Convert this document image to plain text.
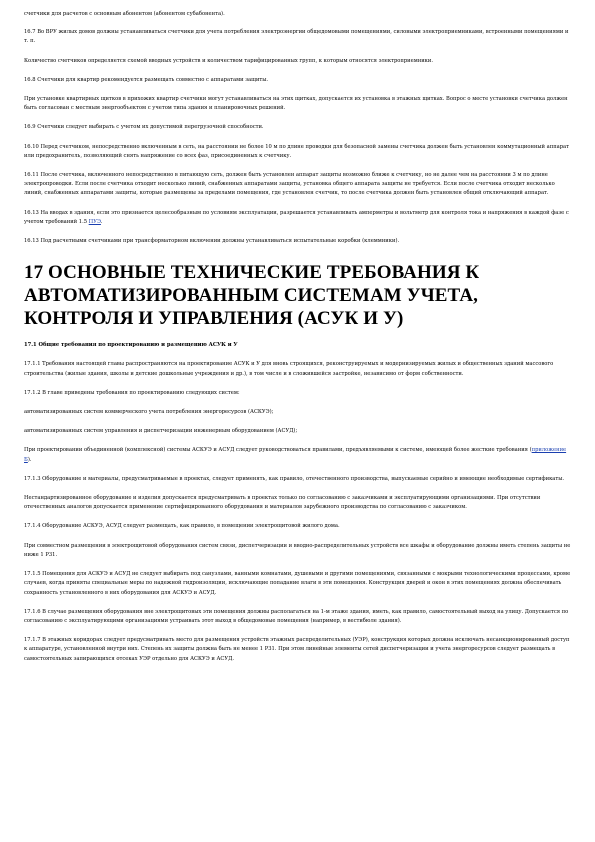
счетчики для расчетов с основным абонентом (абонентом субабонента).

16.7 Во ВРУ жилых домов должны устанавливаться счетчики для учета потребления электроэнергии общедомовыми помещениями, силовыми электроприемниками, встроенными помещениями и т. п.

Количество счетчиков определяется схемой вводных устройств и количеством тарифицированных групп, к которым относятся электроприемники.

16.8 Счетчики для квартир рекомендуется размещать совместно с аппаратами защиты.

При установке квартирных щитков в прихожих квартир счетчики могут устанавливаться на этих щитках, допускается их установка в этажных щитках. Вопрос о месте установки счетчика должен быть согласован с местным энергообъектом с учетом типа здания и планировочных решений.

16.9 Счетчики следует выбирать с учетом их допустимой перегрузочной способности.

16.10 Перед счетчиком, непосредственно включенным в сеть, на расстоянии не более 10 м по длине проводки для безопасной замены счетчика должен быть установлен коммутационный аппарат или предохранитель, позволяющий снять напряжение со всех фаз, присоединенных к счетчику.

16.11 После счетчика, включенного непосредственно в питающую сеть, должен быть установлен аппарат защиты возможно ближе к счетчику, но не далее чем на расстоянии 3 м по длине электропроводки. Если после счетчика отходит несколько линий, снабженных аппаратами защиты, установка общего аппарата защиты не требуется. Если после счетчика отходит несколько линий, снабженных аппаратами защиты, которые размещены за пределами помещения, где установлен счетчик, то после счетчика должен быть установлен общий отключающий аппарат.

16.13 На вводах в здания, если это признается целесообразным по условиям эксплуатации, разрешается устанавливать амперметры и вольтметр для контроля тока и напряжения в каждой фазе с учетом требований 1.5 ПУЭ.

16.13 Под расчетными счетчиками при трансформаторном включении должны устанавливаться испытательные коробки (клеммники).

17 ОСНОВНЫЕ ТЕХНИЧЕСКИЕ ТРЕБОВАНИЯ К АВТОМАТИЗИРОВАННЫМ СИСТЕМАМ УЧЕТА, КОНТРОЛЯ И УПРАВЛЕНИЯ (АСУК И У)

17.1 Общие требования по проектированию и размещению АСУК и У

17.1.1 Требования настоящей главы распространяются на проектирование АСУК и У для вновь строящихся, реконструируемых и модернизируемых жилых и общественных зданий массового строительства (жилые здания, школы и детские дошкольные учреждения и др.), в том числе и в сложившейся застройке, независимо от форм собственности.

17.1.2 В главе приведены требования по проектированию следующих систем:

автоматизированных систем коммерческого учета потребления энергоресурсов (АСКУЭ);

автоматизированных систем управления и диспетчеризации инженерным оборудованием (АСУД);

При проектировании объединенной (комплексной) системы АСКУЭ и АСУД следует руководствоваться правилами, предъявляемыми к системе, имеющей более жесткие требования (приложение Б).

17.1.3 Оборудование и материалы, предусматриваемые в проектах, следует применять, как правило, отечественного производства, выпускаемые серийно и имеющие необходимые сертификаты.

Нестандартизированное оборудование и изделия допускается предусматривать в проектах только по согласованию с заказчиками и эксплуатирующими организациями. При отсутствии отечественных аналогов допускается применение сертифицированного оборудования и материалов зарубежного производства по согласованию с заказчиком.

17.1.4 Оборудование АСКУЭ, АСУД следует размещать, как правило, в помещении электрощитовой жилого дома.

При совместном размещении в электрощитовой оборудования систем связи, диспетчеризации и вводно-распределительных устройств все шкафы и оборудование должны иметь степень защиты не ниже 1 Р31.

17.1.5 Помещения для АСКУЭ и АСУД не следует выбирать под санузлами, ванными комнатами, душевыми и другими помещениями, связанными с мокрыми технологическими процессами, кроме случаев, когда приняты специальные меры по надежной гидроизоляции, исключающие попадание влаги в эти помещения. Конструкция дверей и окон в этих помещениях должна обеспечивать сохранность установленного в них оборудования для АСКУЭ и АСУД.

17.1.6 В случае размещения оборудования вне электрощитовых эти помещения должны располагаться на 1-м этаже здания, иметь, как правило, самостоятельный выход на улицу. Допускается по согласованию с эксплуатирующими организациями устраивать этот выход в общедомовые помещения (например, в вестибюле здания).

17.1.7 В этажных коридорах следует предусматривать место для размещения устройств этажных распределительных (УЭР), конструкция которых должна исключать несанкционированный доступ к аппаратуре, установленной внутри них. Степень их защиты должна быть не менее 1 Р31. При этом линейные элементы сетей диспетчеризации и учета энергоресурсов следует размещать в самостоятельных запирающихся отсеках УЭР отдельно для АСКУЭ и АСУД.
